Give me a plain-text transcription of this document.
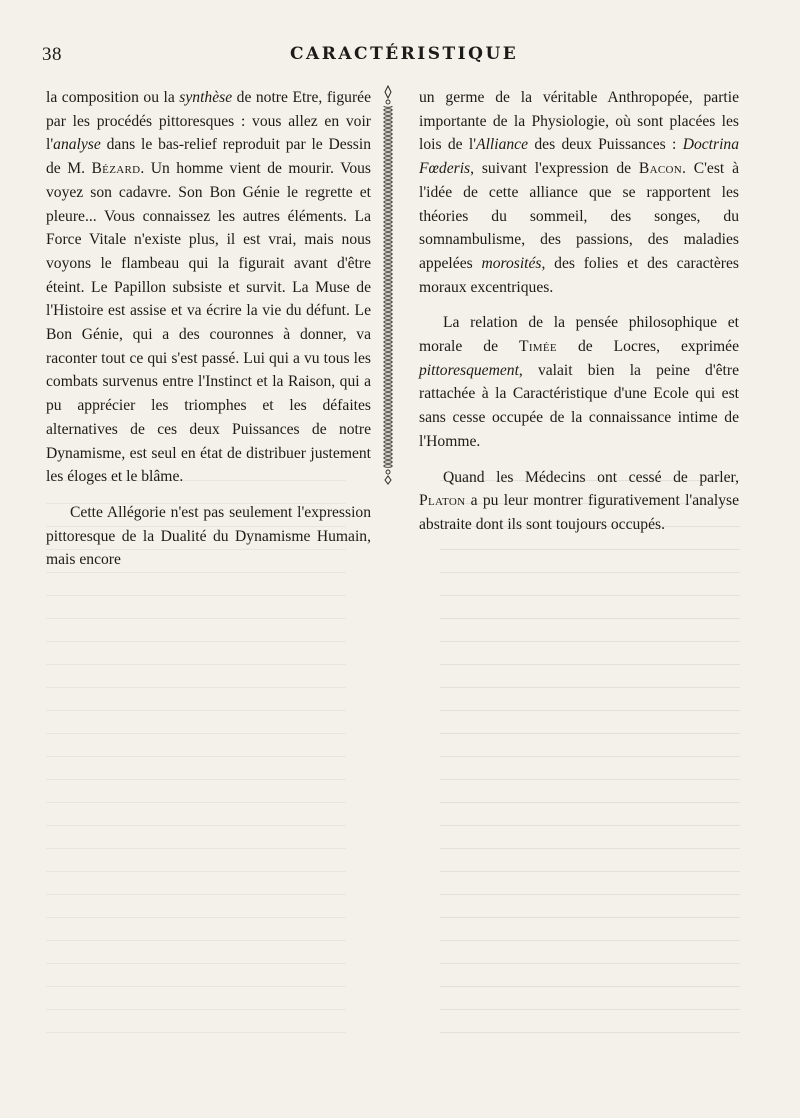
38	CARACTÉRISTIQUE

la composition ou la synthèse de notre Etre, figurée par les procédés pittoresques : vous allez en voir l'analyse dans le bas-relief reproduit par le Dessin de M. Bézard. Un homme vient de mourir. Vous voyez son cadavre. Son Bon Génie le regrette et pleure... Vous connaissez les autres éléments. La Force Vitale n'existe plus, il est vrai, mais nous voyons le flambeau qui la figurait avant d'être éteint. Le Papillon subsiste et survit. La Muse de l'Histoire est assise et va écrire la vie du défunt. Le Bon Génie, qui a des couronnes à donner, va raconter tout ce qui s'est passé. Lui qui a vu tous les combats survenus entre l'Instinct et la Raison, qui a pu apprécier les triomphes et les défaites alternatives de ces deux Puissances de notre Dynamisme, est seul en état de distribuer justement les éloges et le blâme.

Cette Allégorie n'est pas seulement l'expression pittoresque de la Dualité du Dynamisme Humain, mais encore

un germe de la véritable Anthropopée, partie importante de la Physiologie, où sont placées les lois de l'Alliance des deux Puissances : Doctrina Fœderis, suivant l'expression de Bacon. C'est à l'idée de cette alliance que se rapportent les théories du sommeil, des songes, du somnambulisme, des passions, des maladies appelées morosités, des folies et des caractères moraux excentriques.

La relation de la pensée philosophique et morale de Timée de Locres, exprimée pittoresquement, valait bien la peine d'être rattachée à la Caractéristique d'une Ecole qui est sans cesse occupée de la connaissance intime de l'Homme.

Quand les Médecins ont cessé de parler, Platon a pu leur montrer figurativement l'analyse abstraite dont ils sont toujours occupés.
